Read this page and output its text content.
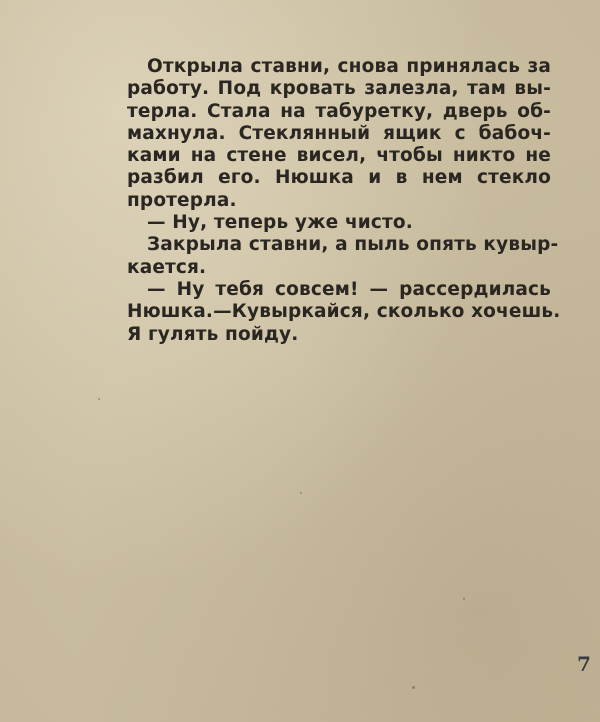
Открыла ставни, снова принялась за
работу. Под кровать залезла, там вы-
терла. Стала на табуретку, дверь об-
махнула. Стеклянный ящик с бабоч-
ками на стене висел, чтобы никто не
разбил его. Нюшка и в нем стекло
протерла.
— Ну, теперь уже чисто.
Закрыла ставни, а пыль опять кувыр-
кается.
— Ну тебя совсем! — рассердилась
Нюшка.—Кувыркайся, сколько хочешь.
Я гулять пойду.
7
